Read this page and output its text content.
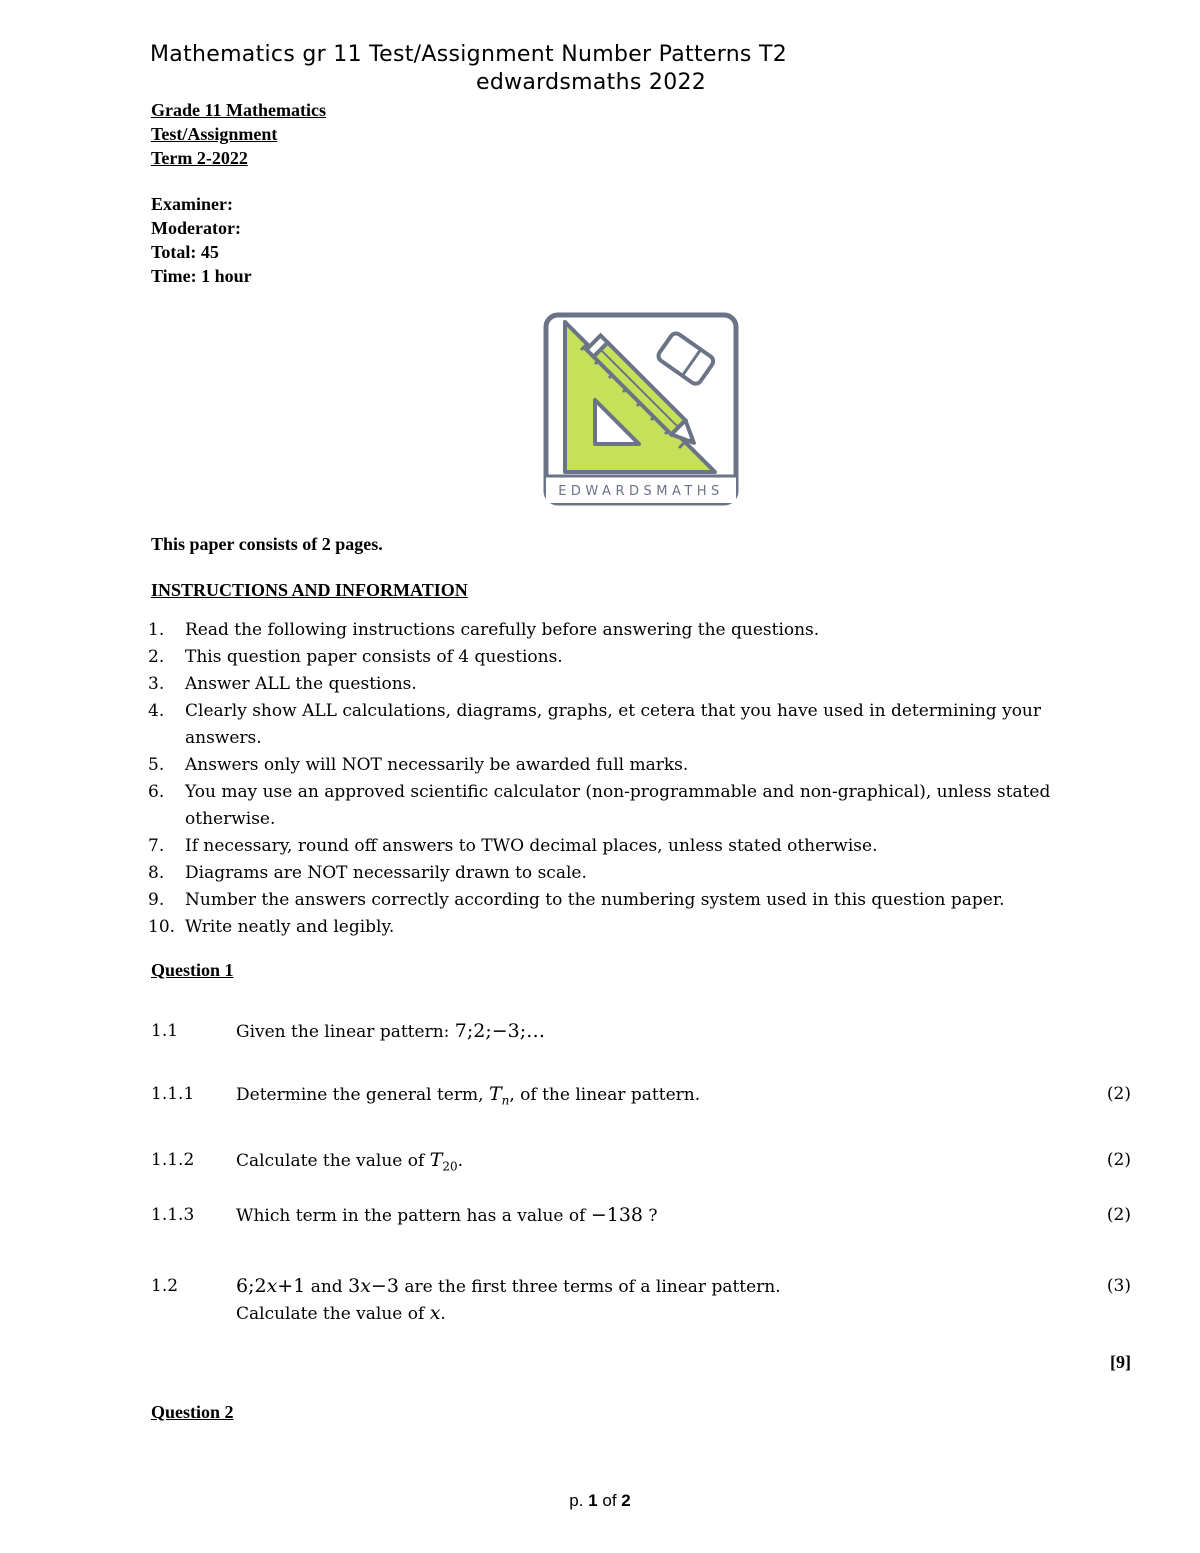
Mathematics gr 11 Test/Assignment Number Patterns T2
edwardsmaths 2022
Grade 11 Mathematics
Test/Assignment
Term 2-2022
Examiner:
Moderator:
Total: 45
Time: 1 hour
EDWARDSMATHS
This paper consists of 2 pages.
INSTRUCTIONS AND INFORMATION
1. Read the following instructions carefully before answering the questions.
2. This question paper consists of 4 questions.
3. Answer ALL the questions.
4. Clearly show ALL calculations, diagrams, graphs, et cetera that you have used in determining your answers.
5. Answers only will NOT necessarily be awarded full marks.
6. You may use an approved scientific calculator (non-programmable and non-graphical), unless stated otherwise.
7. If necessary, round off answers to TWO decimal places, unless stated otherwise.
8. Diagrams are NOT necessarily drawn to scale.
9. Number the answers correctly according to the numbering system used in this question paper.
10. Write neatly and legibly.
Question 1
1.1	Given the linear pattern: 7;2;−3;…
1.1.1 Determine the general term, $T_n$, of the linear pattern.	(2)
1.1.2 Calculate the value of $T_{20}$.	(2)
1.1.3 Which term in the pattern has a value of −138 ?	(2)
1.2	6;2x+1 and 3x−3 are the first three terms of a linear pattern.
Calculate the value of x.
(3)
[9]
Question 2
p. 1 of 2
